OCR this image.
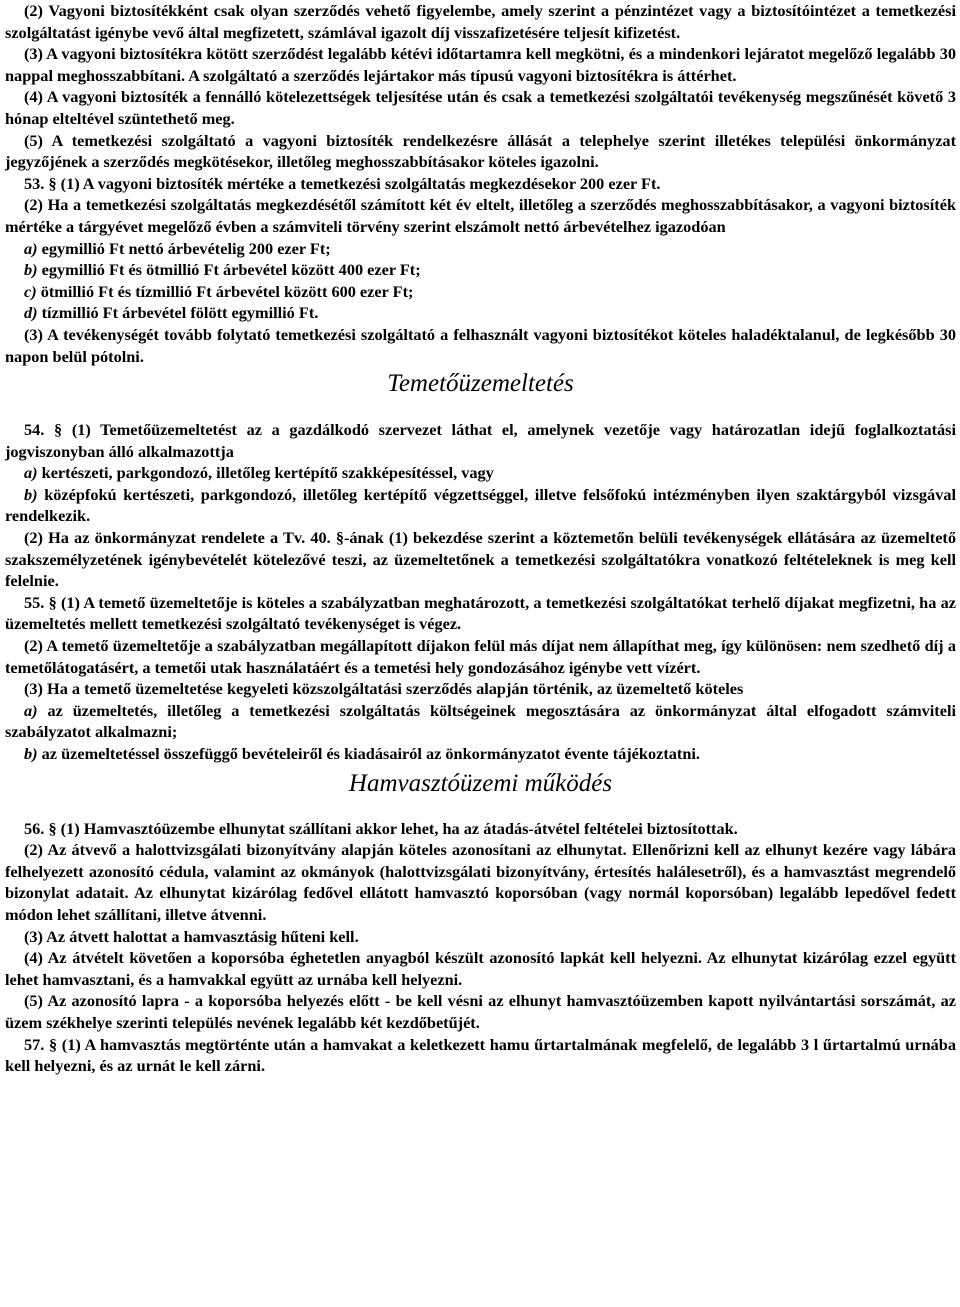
(2) Vagyoni biztosítékként csak olyan szerződés vehető figyelembe, amely szerint a pénzintézet vagy a biztosítóintézet a temetkezési szolgáltatást igénybe vevő által megfizetett, számlával igazolt díj visszafizetésére teljesít kifizetést.

(3) A vagyoni biztosítékra kötött szerződést legalább kétévi időtartamra kell megkötni, és a mindenkori lejáratot megelőző legalább 30 nappal meghosszabbítani. A szolgáltató a szerződés lejártakor más típusú vagyoni biztosítékra is áttérhet.

(4) A vagyoni biztosíték a fennálló kötelezettségek teljesítése után és csak a temetkezési szolgáltatói tevékenység megszűnését követő 3 hónap elteltével szüntethető meg.

(5) A temetkezési szolgáltató a vagyoni biztosíték rendelkezésre állását a telephelye szerint illetékes települési önkormányzat jegyzőjének a szerződés megkötésekor, illetőleg meghosszabbításakor köteles igazolni.

53. § (1) A vagyoni biztosíték mértéke a temetkezési szolgáltatás megkezdésekor 200 ezer Ft.

(2) Ha a temetkezési szolgáltatás megkezdésétől számított két év eltelt, illetőleg a szerződés meghosszabbításakor, a vagyoni biztosíték mértéke a tárgyévet megelőző évben a számviteli törvény szerint elszámolt nettó árbevételhez igazodóan

a) egymillió Ft nettó árbevételig 200 ezer Ft;

b) egymillió Ft és ötmillió Ft árbevétel között 400 ezer Ft;

c) ötmillió Ft és tízmillió Ft árbevétel között 600 ezer Ft;

d) tízmillió Ft árbevétel fölött egymillió Ft.

(3) A tevékenységét tovább folytató temetkezési szolgáltató a felhasznált vagyoni biztosítékot köteles haladéktalanul, de legkésőbb 30 napon belül pótolni.

Temetőüzemeltetés

54. § (1) Temetőüzemeltetést az a gazdálkodó szervezet láthat el, amelynek vezetője vagy határozatlan idejű foglalkoztatási jogviszonyban álló alkalmazottja

a) kertészeti, parkgondozó, illetőleg kertépítő szakképesítéssel, vagy

b) középfokú kertészeti, parkgondozó, illetőleg kertépítő végzettséggel, illetve felsőfokú intézményben ilyen szaktárgyból vizsgával rendelkezik.

(2) Ha az önkormányzat rendelete a Tv. 40. §-ának (1) bekezdése szerint a köztemetőn belüli tevékenységek ellátására az üzemeltető szakszemélyzetének igénybevételét kötelezővé teszi, az üzemeltetőnek a temetkezési szolgáltatókra vonatkozó feltételeknek is meg kell felelnie.

55. § (1) A temető üzemeltetője is köteles a szabályzatban meghatározott, a temetkezési szolgáltatókat terhelő díjakat megfizetni, ha az üzemeltetés mellett temetkezési szolgáltató tevékenységet is végez.

(2) A temető üzemeltetője a szabályzatban megállapított díjakon felül más díjat nem állapíthat meg, így különösen: nem szedhető díj a temetőlátogatásért, a temetői utak használatáért és a temetési hely gondozásához igénybe vett vízért.

(3) Ha a temető üzemeltetése kegyeleti közszolgáltatási szerződés alapján történik, az üzemeltető köteles

a) az üzemeltetés, illetőleg a temetkezési szolgáltatás költségeinek megosztására az önkormányzat által elfogadott számviteli szabályzatot alkalmazni;

b) az üzemeltetéssel összefüggő bevételeiről és kiadásairól az önkormányzatot évente tájékoztatni.

Hamvasztóüzemi működés

56. § (1) Hamvasztóüzembe elhunytat szállítani akkor lehet, ha az átadás-átvétel feltételei biztosítottak.

(2) Az átvevő a halottvizsgálati bizonyítvány alapján köteles azonosítani az elhunytat. Ellenőrizni kell az elhunyt kezére vagy lábára felhelyezett azonosító cédula, valamint az okmányok (halottvizsgálati bizonyítvány, értesítés halálesetről), és a hamvasztást megrendelő bizonylat adatait. Az elhunytat kizárólag fedővel ellátott hamvasztó koporsóban (vagy normál koporsóban) legalább lepedővel fedett módon lehet szállítani, illetve átvenni.

(3) Az átvett halottat a hamvasztásig hűteni kell.

(4) Az átvételt követően a koporsóba éghetetlen anyagból készült azonosító lapkát kell helyezni. Az elhunytat kizárólag ezzel együtt lehet hamvasztani, és a hamvakkal együtt az urnába kell helyezni.

(5) Az azonosító lapra - a koporsóba helyezés előtt - be kell vésni az elhunyt hamvasztóüzemben kapott nyilvántartási sorszámát, az üzem székhelye szerinti település nevének legalább két kezdőbetűjét.

57. § (1) A hamvasztás megtörténte után a hamvakat a keletkezett hamu űrtartalmának megfelelő, de legalább 3 l űrtartalmú urnába kell helyezni, és az urnát le kell zárni.
